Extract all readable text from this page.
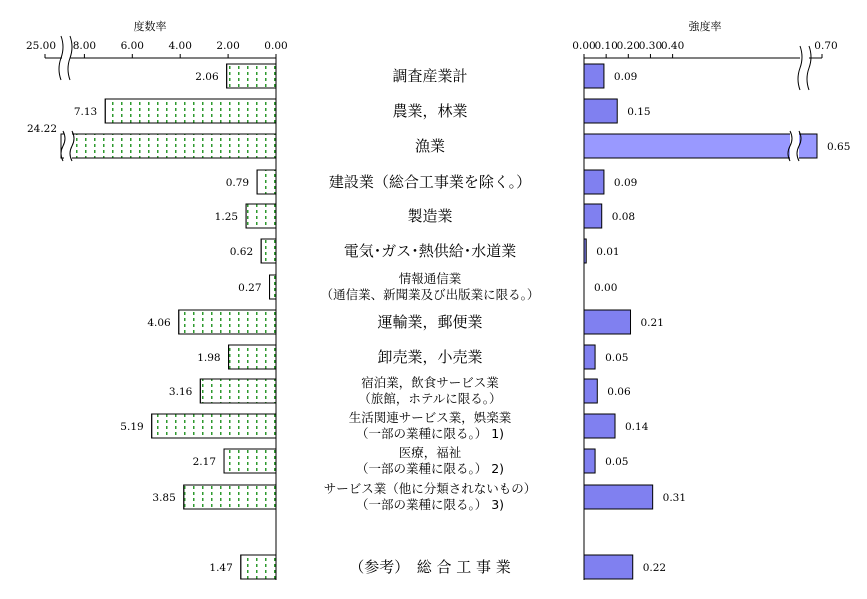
度数率
25.00 8.00 6.00 4.00 2.00 0.00
強度率
0.00
0.10
0.20
0.30
0.40	0.70
2.06
7.13
24.22
0.79
1.25
0.62
0.27
4.06
1.98
3.16
5.19
2.17
3.85
1.47
0.09
0.15
0.65
0.09
0.08
0.01
0.00
0.21
0.05
0.06
0.14
0.05
0.31
0.22
調査産業計
農業，林業
漁業
建設業（総合工事業を除く。）
製造業
電気･ガス･熱供給･水道業
情報通信業
（通信業、新聞業及び出版業に限る。）
運輸業，郵便業
卸売業，小売業
宿泊業，飲食サービス業
（旅館，ホテルに限る。）
生活関連サービス業，娯楽業
（一部の業種に限る。） 1)
医療，福祉
（一部の業種に限る。） 2)
サービス業（他に分類されないもの）
（一部の業種に限る。） 3)
（参考）　総 合 工 事 業
